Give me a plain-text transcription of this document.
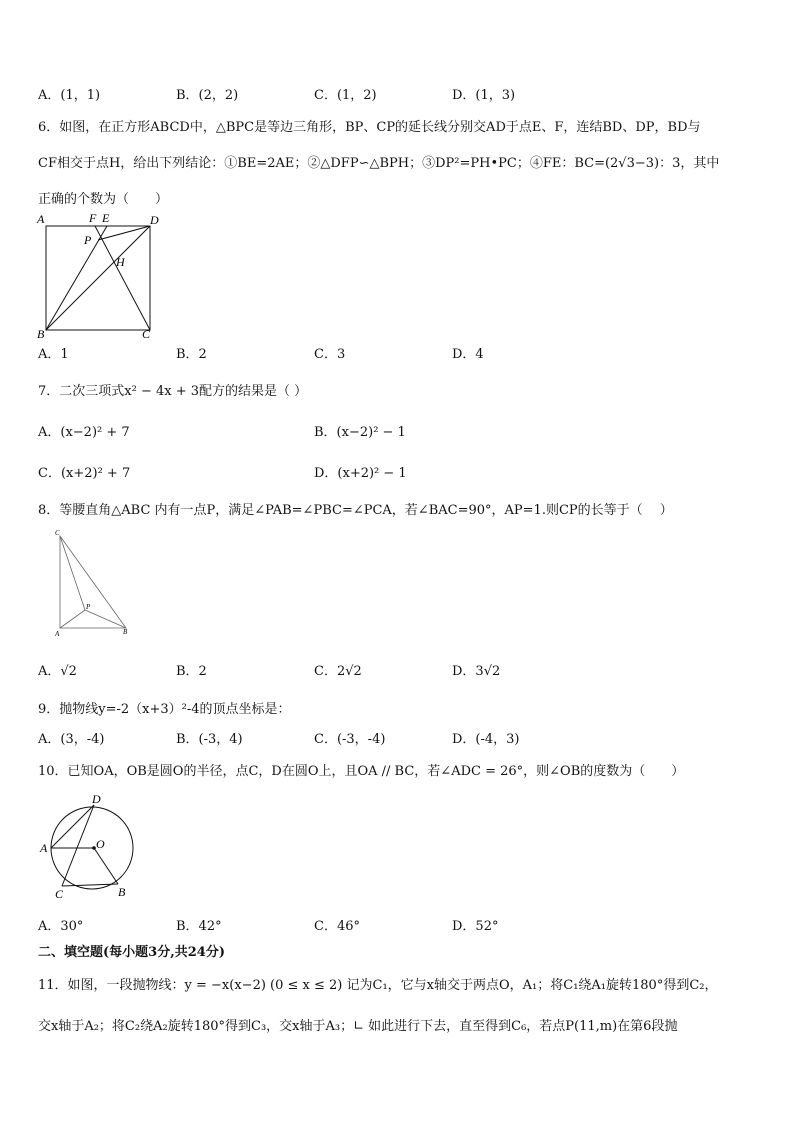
A．(1，1)	B．(2，2)	C．(1，2)	D．(1，3)
6．如图，在正方形ABCD中，△BPC是等边三角形，BP、CP的延长线分别交AD于点E、F，连结BD、DP，BD与
CF相交于点H，给出下列结论：①BE=2AE；②△DFP∽△BPH；③DP²=PH•PC；④FE：BC=(2√3−3)：3，其中
正确的个数为（　　）
A	F E	D
P
H
B	C
A．1	B．2	C．3	D．4
7．二次三项式x² − 4x + 3配方的结果是（ ）
A．(x−2)² + 7	B．(x−2)² − 1
C．(x+2)² + 7	D．(x+2)² − 1
8．等腰直角△ABC 内有一点P，满足∠PAB=∠PBC=∠PCA，若∠BAC=90°，AP=1.则CP的长等于（　 ）
C
P
A	B
A．√2	B．2	C．2√2	D．3√2
9．抛物线y=-2（x+3）²-4的顶点坐标是：
A．(3，-4)	B．(-3，4)	C．(-3，-4)	D．(-4，3)
10．已知OA，OB是圆O的半径，点C，D在圆O上，且OA // BC，若∠ADC = 26°，则∠OB的度数为（　　）
D
A	O
C	B
A．30°	B．42°	C．46°	D．52°
二、填空题(每小题3分,共24分)
11．如图，一段抛物线：y = −x(x−2) (0 ≤ x ≤ 2) 记为C₁，它与x轴交于两点O，A₁；将C₁绕A₁旋转180°得到C₂，
交x轴于A₂；将C₂绕A₂旋转180°得到C₃，交x轴于A₃；∟ 如此进行下去，直至得到C₆，若点P(11,m)在第6段抛
